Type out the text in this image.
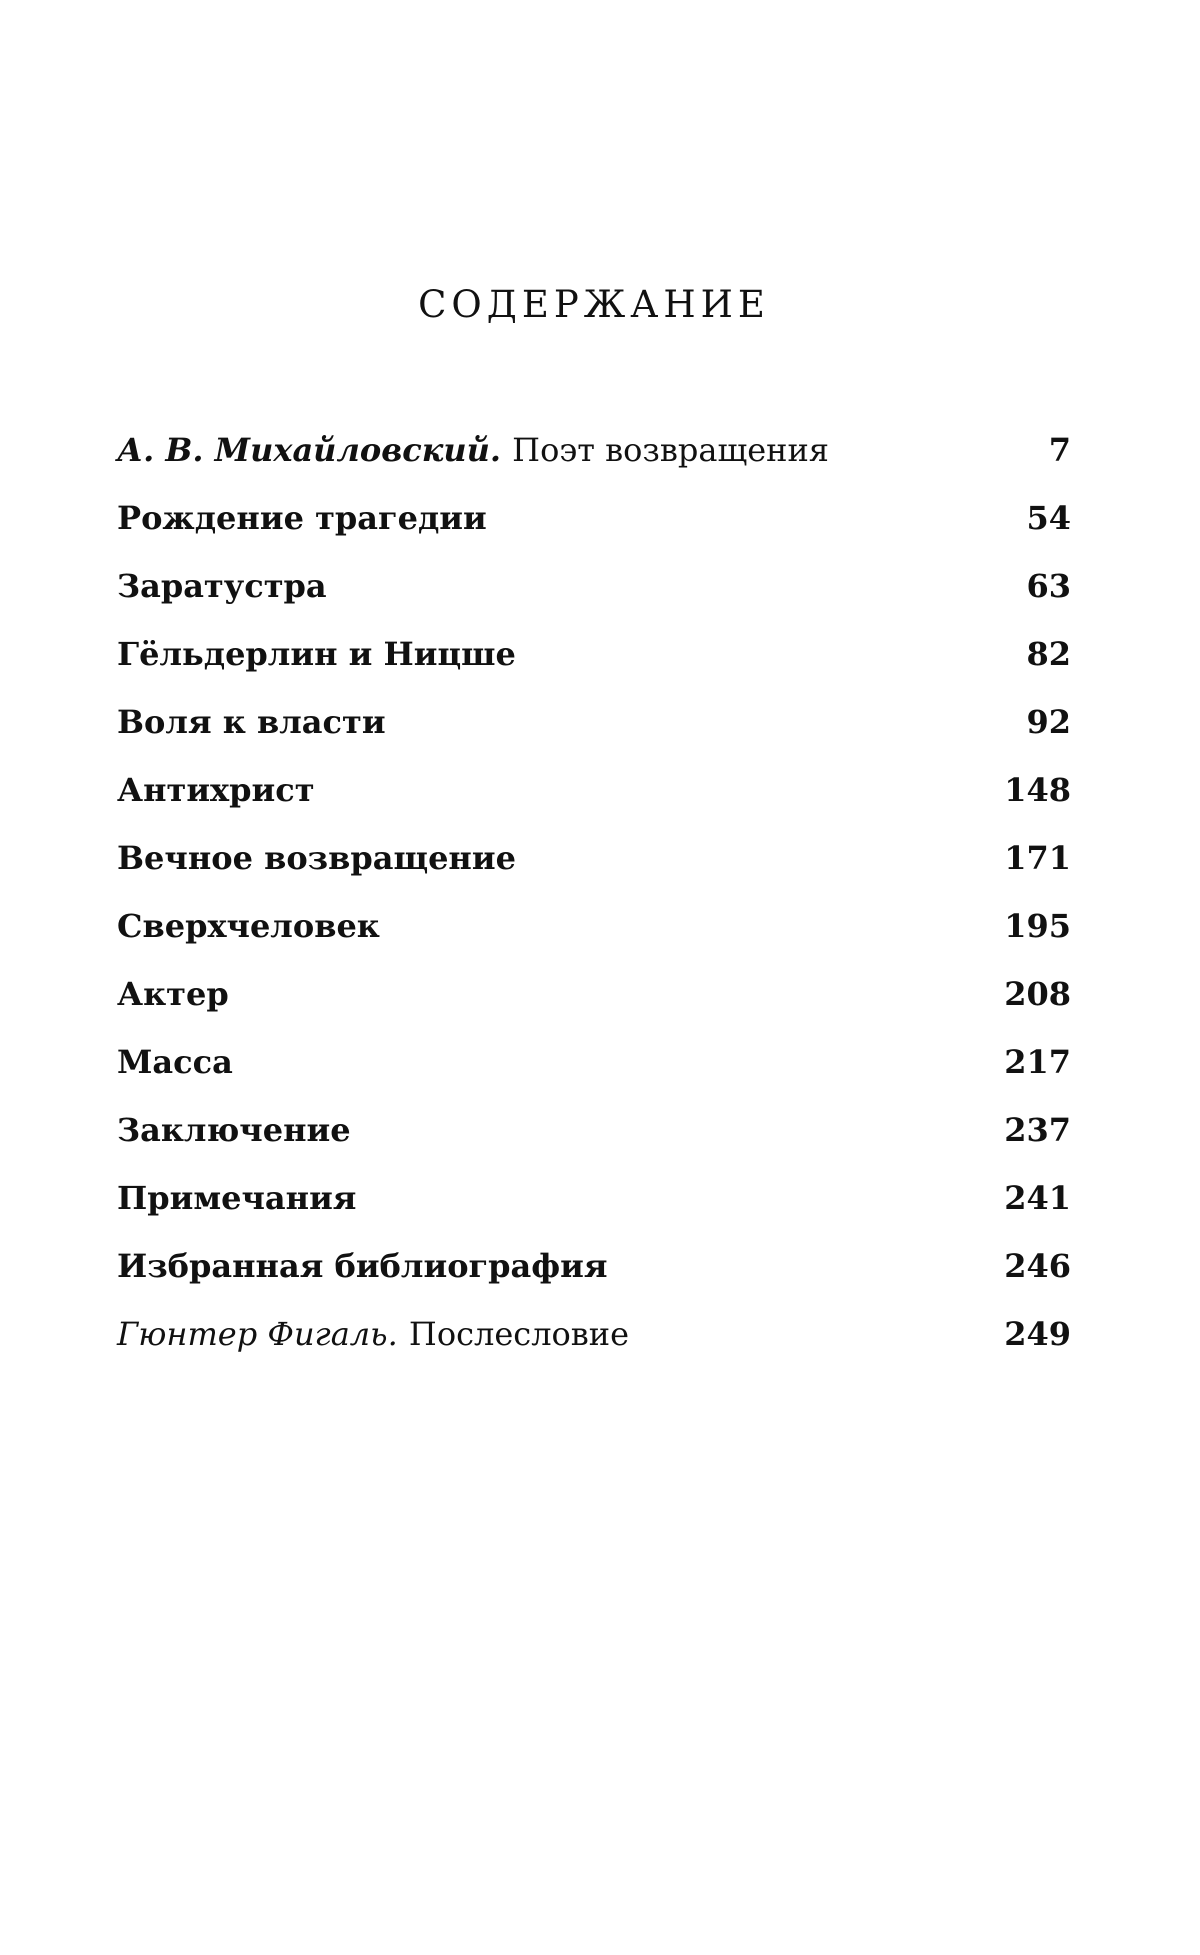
СОДЕРЖАНИЕ
А. В. Михайловский. Поэт возвращения	7
Рождение трагедии	54
Заратустра	63
Гёльдерлин и Ницше	82
Воля к власти	92
Антихрист	148
Вечное возвращение	171
Сверхчеловек	195
Актер	208
Масса	217
Заключение	237
Примечания	241
Избранная библиография	246
Гюнтер Фигаль. Послесловие	249
